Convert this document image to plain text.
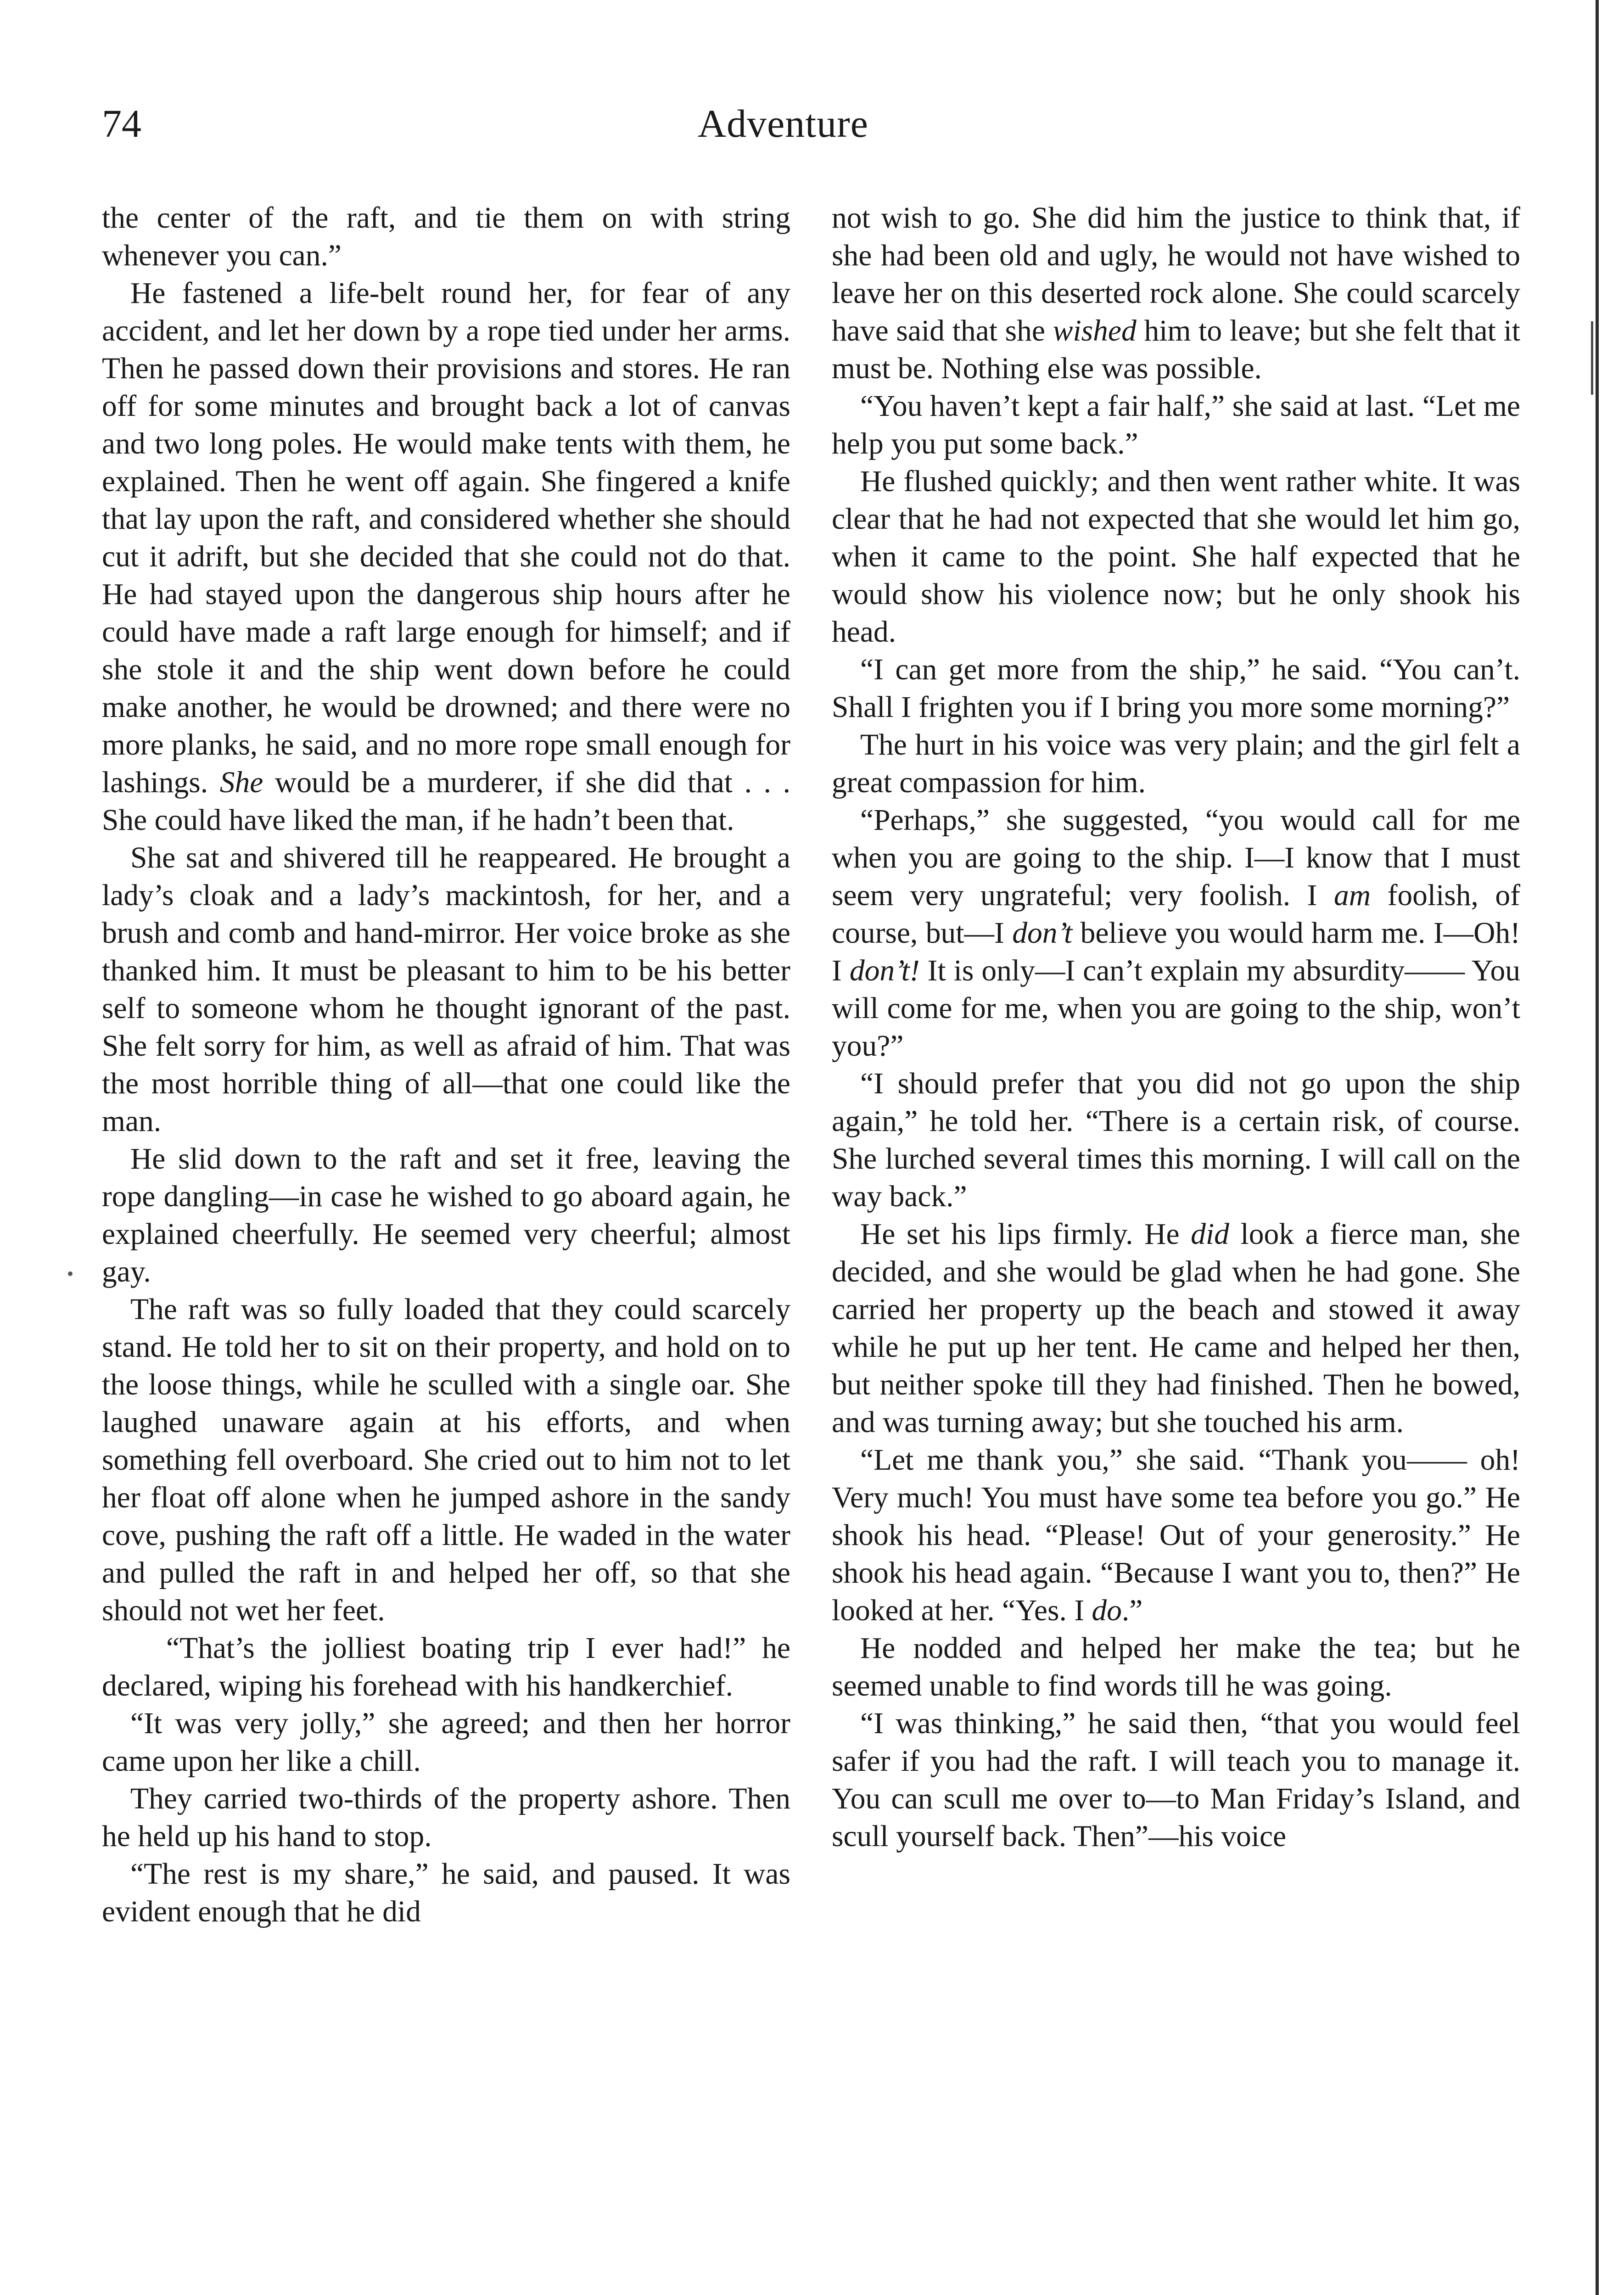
74	Adventure

the center of the raft, and tie them on with string whenever you can.”

He fastened a life-belt round her, for fear of any accident, and let her down by a rope tied under her arms. Then he passed down their provisions and stores. He ran off for some minutes and brought back a lot of canvas and two long poles. He would make tents with them, he explained. Then he went off again. She fingered a knife that lay upon the raft, and considered whether she should cut it adrift, but she decided that she could not do that. He had stayed upon the dangerous ship hours after he could have made a raft large enough for himself; and if she stole it and the ship went down before he could make another, he would be drowned; and there were no more planks, he said, and no more rope small enough for lashings. She would be a murderer, if she did that . . . She could have liked the man, if he hadn’t been that.

She sat and shivered till he reappeared. He brought a lady’s cloak and a lady’s mackintosh, for her, and a brush and comb and hand-mirror. Her voice broke as she thanked him. It must be pleasant to him to be his better self to someone whom he thought ignorant of the past. She felt sorry for him, as well as afraid of him. That was the most horrible thing of all—that one could like the man.

He slid down to the raft and set it free, leaving the rope dangling—in case he wished to go aboard again, he explained cheerfully. He seemed very cheerful; almost gay.

The raft was so fully loaded that they could scarcely stand. He told her to sit on their property, and hold on to the loose things, while he sculled with a single oar. She laughed unaware again at his efforts, and when something fell overboard. She cried out to him not to let her float off alone when he jumped ashore in the sandy cove, pushing the raft off a little. He waded in the water and pulled the raft in and helped her off, so that she should not wet her feet.

“That’s the jolliest boating trip I ever had!” he declared, wiping his forehead with his handkerchief.

“It was very jolly,” she agreed; and then her horror came upon her like a chill.

They carried two-thirds of the property ashore. Then he held up his hand to stop.

“The rest is my share,” he said, and paused. It was evident enough that he did

not wish to go. She did him the justice to think that, if she had been old and ugly, he would not have wished to leave her on this deserted rock alone. She could scarcely have said that she wished him to leave; but she felt that it must be. Nothing else was possible.

“You haven’t kept a fair half,” she said at last. “Let me help you put some back.”

He flushed quickly; and then went rather white. It was clear that he had not expected that she would let him go, when it came to the point. She half expected that he would show his violence now; but he only shook his head.

“I can get more from the ship,” he said. “You can’t. Shall I frighten you if I bring you more some morning?”

The hurt in his voice was very plain; and the girl felt a great compassion for him.

“Perhaps,” she suggested, “you would call for me when you are going to the ship. I—I know that I must seem very ungrateful; very foolish. I am foolish, of course, but—I don’t believe you would harm me. I—Oh! I don’t! It is only—I can’t explain my absurdity—— You will come for me, when you are going to the ship, won’t you?”

“I should prefer that you did not go upon the ship again,” he told her. “There is a certain risk, of course. She lurched several times this morning. I will call on the way back.”

He set his lips firmly. He did look a fierce man, she decided, and she would be glad when he had gone. She carried her property up the beach and stowed it away while he put up her tent. He came and helped her then, but neither spoke till they had finished. Then he bowed, and was turning away; but she touched his arm.

“Let me thank you,” she said. “Thank you—— oh! Very much! You must have some tea before you go.” He shook his head. “Please! Out of your generosity.” He shook his head again. “Because I want you to, then?” He looked at her. “Yes. I do.”

He nodded and helped her make the tea; but he seemed unable to find words till he was going.

“I was thinking,” he said then, “that you would feel safer if you had the raft. I will teach you to manage it. You can scull me over to—to Man Friday’s Island, and scull yourself back. Then”—his voice
